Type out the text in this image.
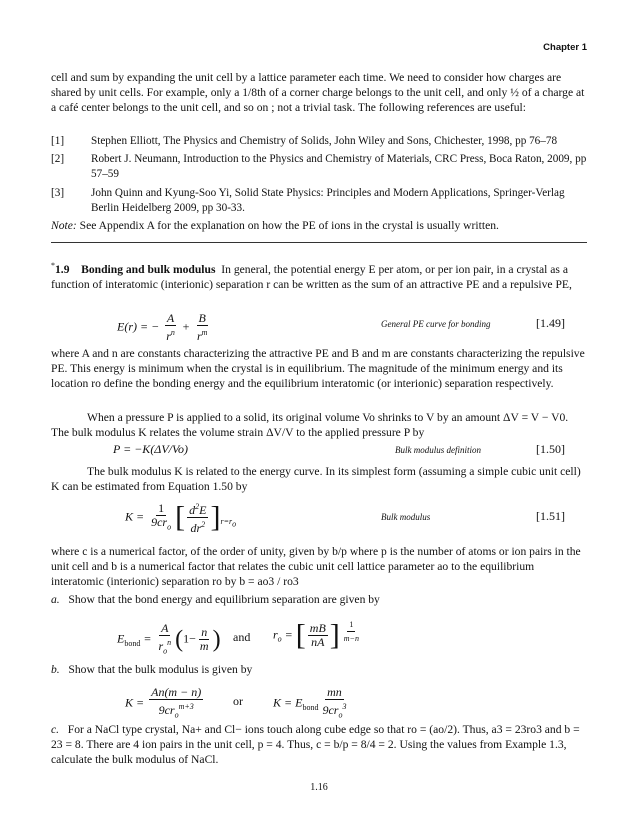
Chapter 1
cell and sum by expanding the unit cell by a lattice parameter each time. We need to consider how charges are shared by unit cells. For example, only a 1/8th of a corner charge belongs to the unit cell, and only ½ of a charge at a café center belongs to the unit cell, and so on ; not a trivial task. The following references are useful:
[1] Stephen Elliott, The Physics and Chemistry of Solids, John Wiley and Sons, Chichester, 1998, pp 76–78
[2] Robert J. Neumann, Introduction to the Physics and Chemistry of Materials, CRC Press, Boca Raton, 2009, pp 57–59
[3] John Quinn and Kyung-Soo Yi, Solid State Physics: Principles and Modern Applications, Springer-Verlag Berlin Heidelberg 2009, pp 30-33.
Note: See Appendix A for the explanation on how the PE of ions in the crystal is usually written.
*1.9 Bonding and bulk modulus In general, the potential energy E per atom, or per ion pair, in a crystal as a function of interatomic (interionic) separation r can be written as the sum of an attractive PE and a repulsive PE,
E(r) = − $\frac{A}{r^n} + \frac{B}{r^m}$	General PE curve for bonding	[1.49]
where A and n are constants characterizing the attractive PE and B and m are constants characterizing the repulsive PE. This energy is minimum when the crystal is in equilibrium. The magnitude of the minimum energy and its location ro define the bonding energy and the equilibrium interatomic (or interionic) separation respectively.
When a pressure P is applied to a solid, its original volume Vo shrinks to V by an amount ΔV = V − V0. The bulk modulus K relates the volume strain ΔV/V to the applied pressure P by
P = −K(ΔV/Vo)	Bulk modulus definition	[1.50]
The bulk modulus K is related to the energy curve. In its simplest form (assuming a simple cubic unit cell) K can be estimated from Equation 1.50 by
$K = \frac{1}{9cr_o}$ [ $\frac{d^2E}{dr^2} ]_{r=r_o}$
Bulk modulus	[1.51]
where c is a numerical factor, of the order of unity, given by b/p where p is the number of atoms or ion pairs in the unit cell and b is a numerical factor that relates the cubic unit cell lattice parameter ao to the equilibrium interatomic (interionic) separation ro by b = ao3 / ro3
a. Show that the bond energy and equilibrium separation are given by
$E_{bond} = \frac{A}{r_o^n} (1- \frac{n}{m}$ ) and $r_o$ = [ $\frac{mB}{nA}$ ] $^{\frac{1}{m-n}}$
b. Show that the bulk modulus is given by
$K = \frac{An(m - n)}{9cr_o^{m+3}}$ or	$K = E_{bond} \frac{mn}{9cr_o^3}$
c. For a NaCl type crystal, Na+ and Cl− ions touch along cube edge so that ro = (ao/2). Thus, a3 = 23ro3 and b = 23 = 8. There are 4 ion pairs in the unit cell, p = 4. Thus, c = b/p = 8/4 = 2. Using the values from Example 1.3, calculate the bulk modulus of NaCl.
1.16
